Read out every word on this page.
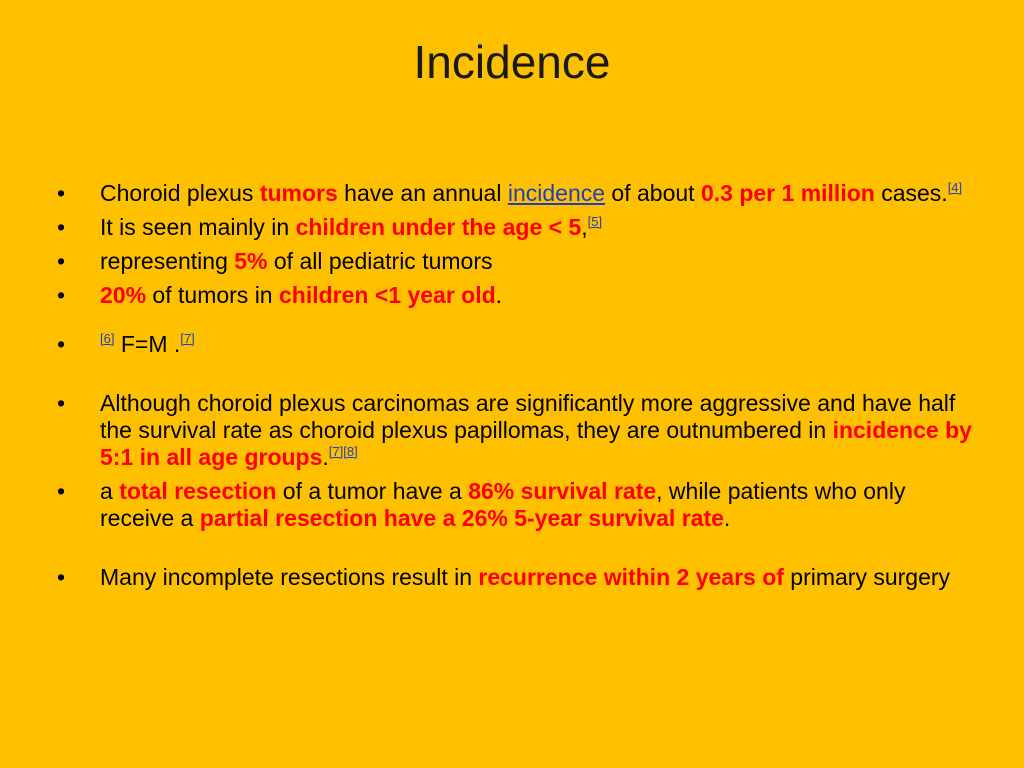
Incidence
• Choroid plexus tumors have an annual incidence of about 0.3 per 1 million cases.[4]
• It is seen mainly in children under the age < 5,[5]
• representing 5% of all pediatric tumors
• 20% of tumors in children <1 year old.
•	[6] F=M .[7]
• Although choroid plexus carcinomas are significantly more aggressive and have half the survival rate as choroid plexus papillomas, they are outnumbered in incidence by 5:1 in all age groups.[7][8]
• a total resection of a tumor have a 86% survival rate, while patients who only receive a partial resection have a 26% 5-year survival rate.
• Many incomplete resections result in recurrence within 2 years of primary surgery
